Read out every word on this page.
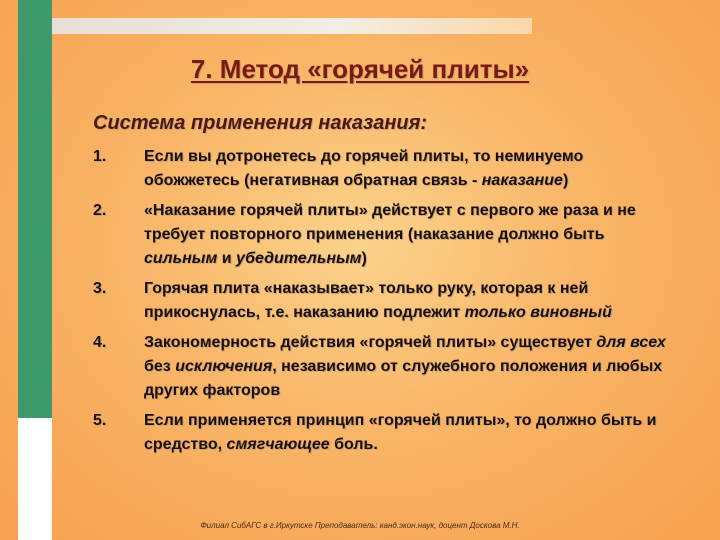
7. Метод «горячей плиты»
Система применения наказания:
1.	Если вы дотронетесь до горячей плиты, то неминуемо обожжетесь (негативная обратная связь - наказание)
2.	«Наказание горячей плиты» действует с первого же раза и не требует повторного применения (наказание должно быть сильным и убедительным)
3.	Горячая плита «наказывает» только руку, которая к ней прикоснулась, т.е. наказанию подлежит только виновный
4.	Закономерность действия «горячей плиты» существует для всех без исключения, независимо от служебного положения и любых других факторов
5.	Если применяется принцип «горячей плиты», то должно быть и средство, смягчающее боль.
Филиал СибАГС в г.Иркутске Преподаватель: канд.экон.наук, доцент Доскова М.Н.
